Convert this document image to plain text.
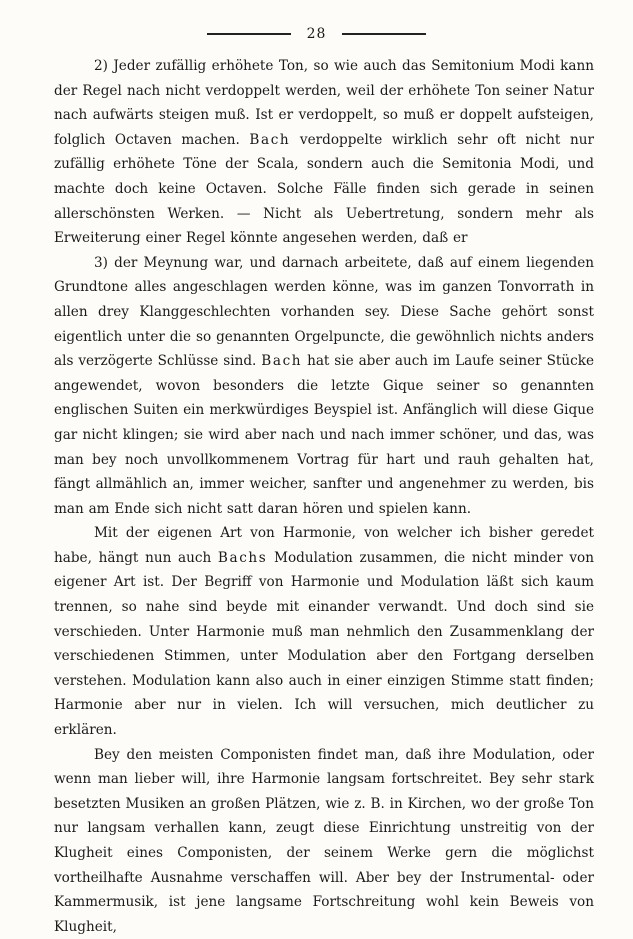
28

2) Jeder zufällig erhöhete Ton, so wie auch das Semitonium Modi kann der Regel nach nicht verdoppelt werden, weil der erhöhete Ton seiner Natur nach aufwärts steigen muß. Ist er verdoppelt, so muß er doppelt aufsteigen, folglich Octaven machen. Bach verdoppelte wirklich sehr oft nicht nur zufällig erhöhete Töne der Scala, sondern auch die Semitonia Modi, und machte doch keine Octaven. Solche Fälle finden sich gerade in seinen allerschönsten Werken. — Nicht als Uebertretung, sondern mehr als Erweiterung einer Regel könnte angesehen werden, daß er

3) der Meynung war, und darnach arbeitete, daß auf einem liegenden Grundtone alles angeschlagen werden könne, was im ganzen Tonvorrath in allen drey Klanggeschlechten vorhanden sey. Diese Sache gehört sonst eigentlich unter die so genannten Orgelpuncte, die gewöhnlich nichts anders als verzögerte Schlüsse sind. Bach hat sie aber auch im Laufe seiner Stücke angewendet, wovon besonders die letzte Gique seiner so genannten englischen Suiten ein merkwürdiges Beyspiel ist. Anfänglich will diese Gique gar nicht klingen; sie wird aber nach und nach immer schöner, und das, was man bey noch unvollkommenem Vortrag für hart und rauh gehalten hat, fängt allmählich an, immer weicher, sanfter und angenehmer zu werden, bis man am Ende sich nicht satt daran hören und spielen kann.

Mit der eigenen Art von Harmonie, von welcher ich bisher geredet habe, hängt nun auch Bachs Modulation zusammen, die nicht minder von eigener Art ist. Der Begriff von Harmonie und Modulation läßt sich kaum trennen, so nahe sind beyde mit einander verwandt. Und doch sind sie verschieden. Unter Harmonie muß man nehmlich den Zusammenklang der verschiedenen Stimmen, unter Modulation aber den Fortgang derselben verstehen. Modulation kann also auch in einer einzigen Stimme statt finden; Harmonie aber nur in vielen. Ich will versuchen, mich deutlicher zu erklären.

Bey den meisten Componisten findet man, daß ihre Modulation, oder wenn man lieber will, ihre Harmonie langsam fortschreitet. Bey sehr stark besetzten Musiken an großen Plätzen, wie z. B. in Kirchen, wo der große Ton nur langsam verhallen kann, zeugt diese Einrichtung unstreitig von der Klugheit eines Componisten, der seinem Werke gern die möglichst vortheilhafte Ausnahme verschaffen will. Aber bey der Instrumental- oder Kammermusik, ist jene langsame Fortschreitung wohl kein Beweis von Klugheit,
